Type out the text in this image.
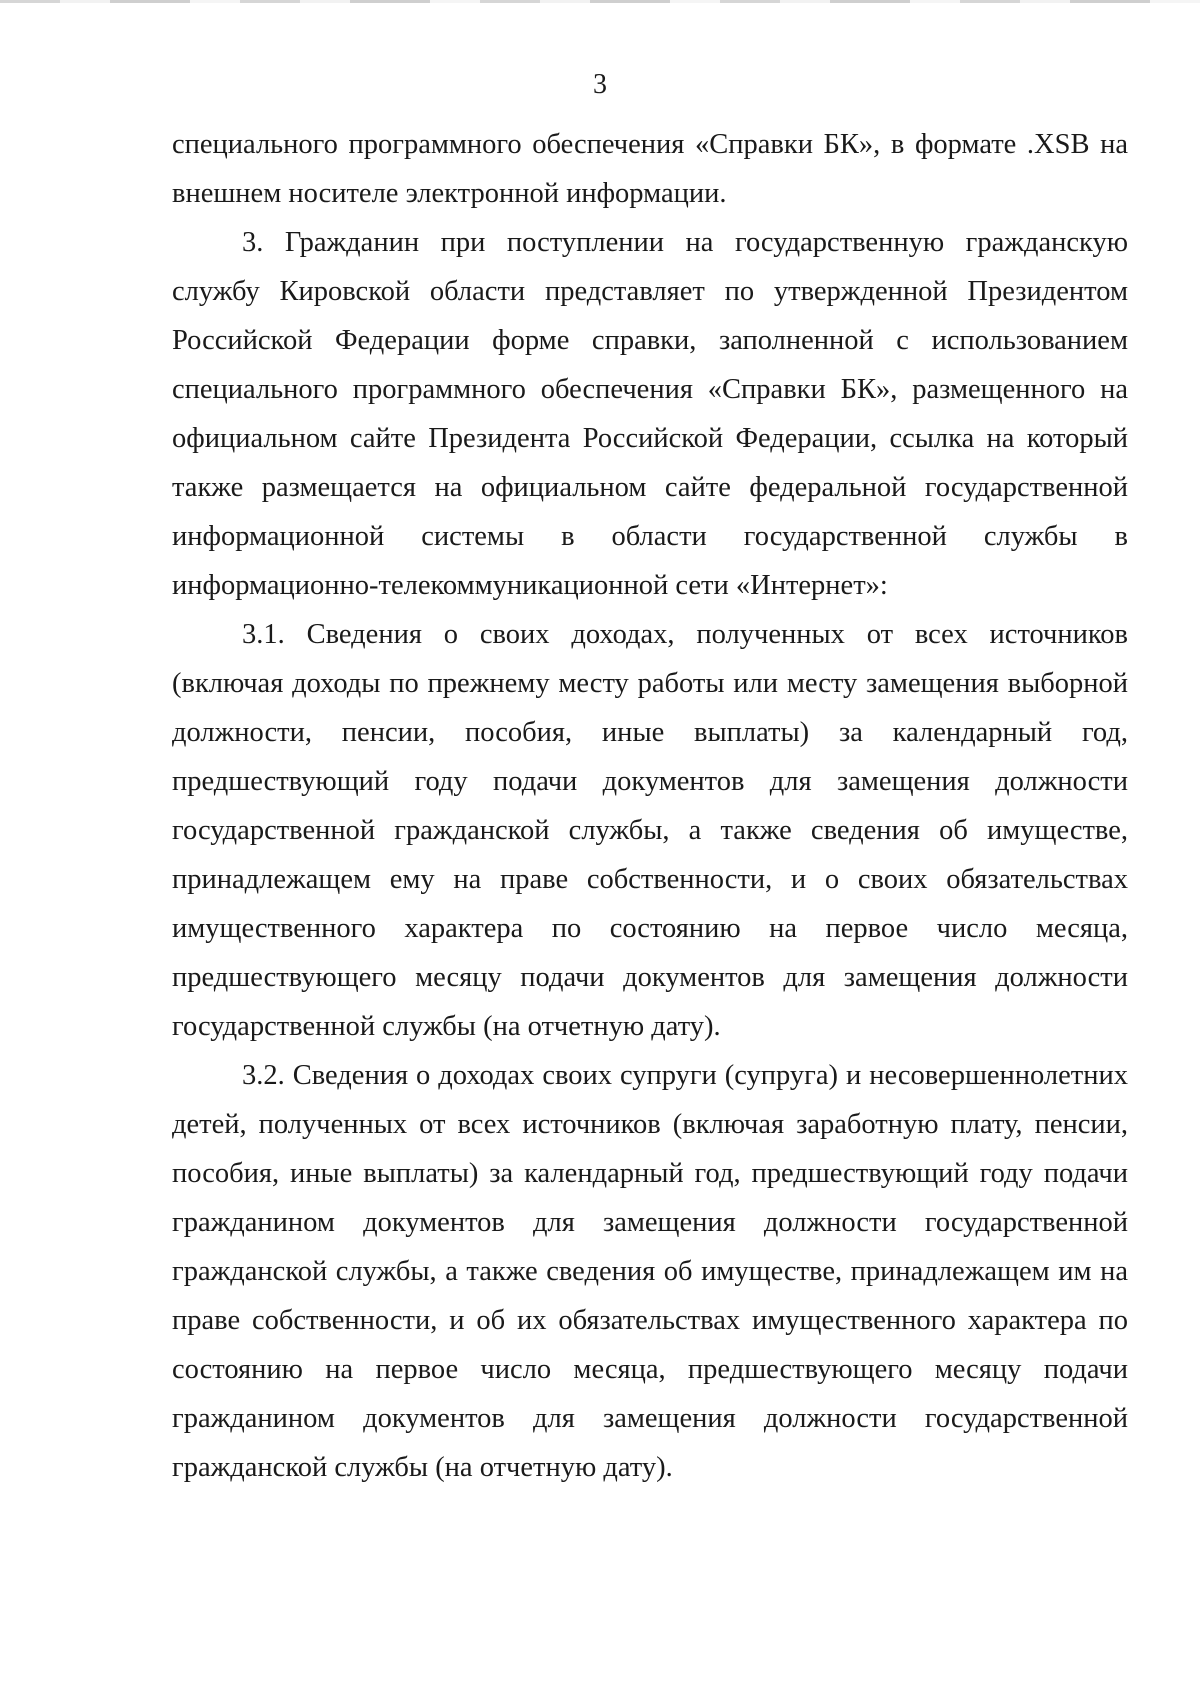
3

специального программного обеспечения «Справки БК», в формате .XSB на внешнем носителе электронной информации.

3. Гражданин при поступлении на государственную гражданскую службу Кировской области представляет по утвержденной Президентом Российской Федерации форме справки, заполненной с использованием специального программного обеспечения «Справки БК», размещенного на официальном сайте Президента Российской Федерации, ссылка на который также размещается на официальном сайте федеральной государственной информационной системы в области государственной службы в информационно-телекоммуникационной сети «Интернет»:

3.1. Сведения о своих доходах, полученных от всех источников (включая доходы по прежнему месту работы или месту замещения выборной должности, пенсии, пособия, иные выплаты) за календарный год, предшествующий году подачи документов для замещения должности государственной гражданской службы, а также сведения об имуществе, принадлежащем ему на праве собственности, и о своих обязательствах имущественного характера по состоянию на первое число месяца, предшествующего месяцу подачи документов для замещения должности государственной службы (на отчетную дату).

3.2. Сведения о доходах своих супруги (супруга) и несовершеннолетних детей, полученных от всех источников (включая заработную плату, пенсии, пособия, иные выплаты) за календарный год, предшествующий году подачи гражданином документов для замещения должности государственной гражданской службы, а также сведения об имуществе, принадлежащем им на праве собственности, и об их обязательствах имущественного характера по состоянию на первое число месяца, предшествующего месяцу подачи гражданином документов для замещения должности государственной гражданской службы (на отчетную дату).
